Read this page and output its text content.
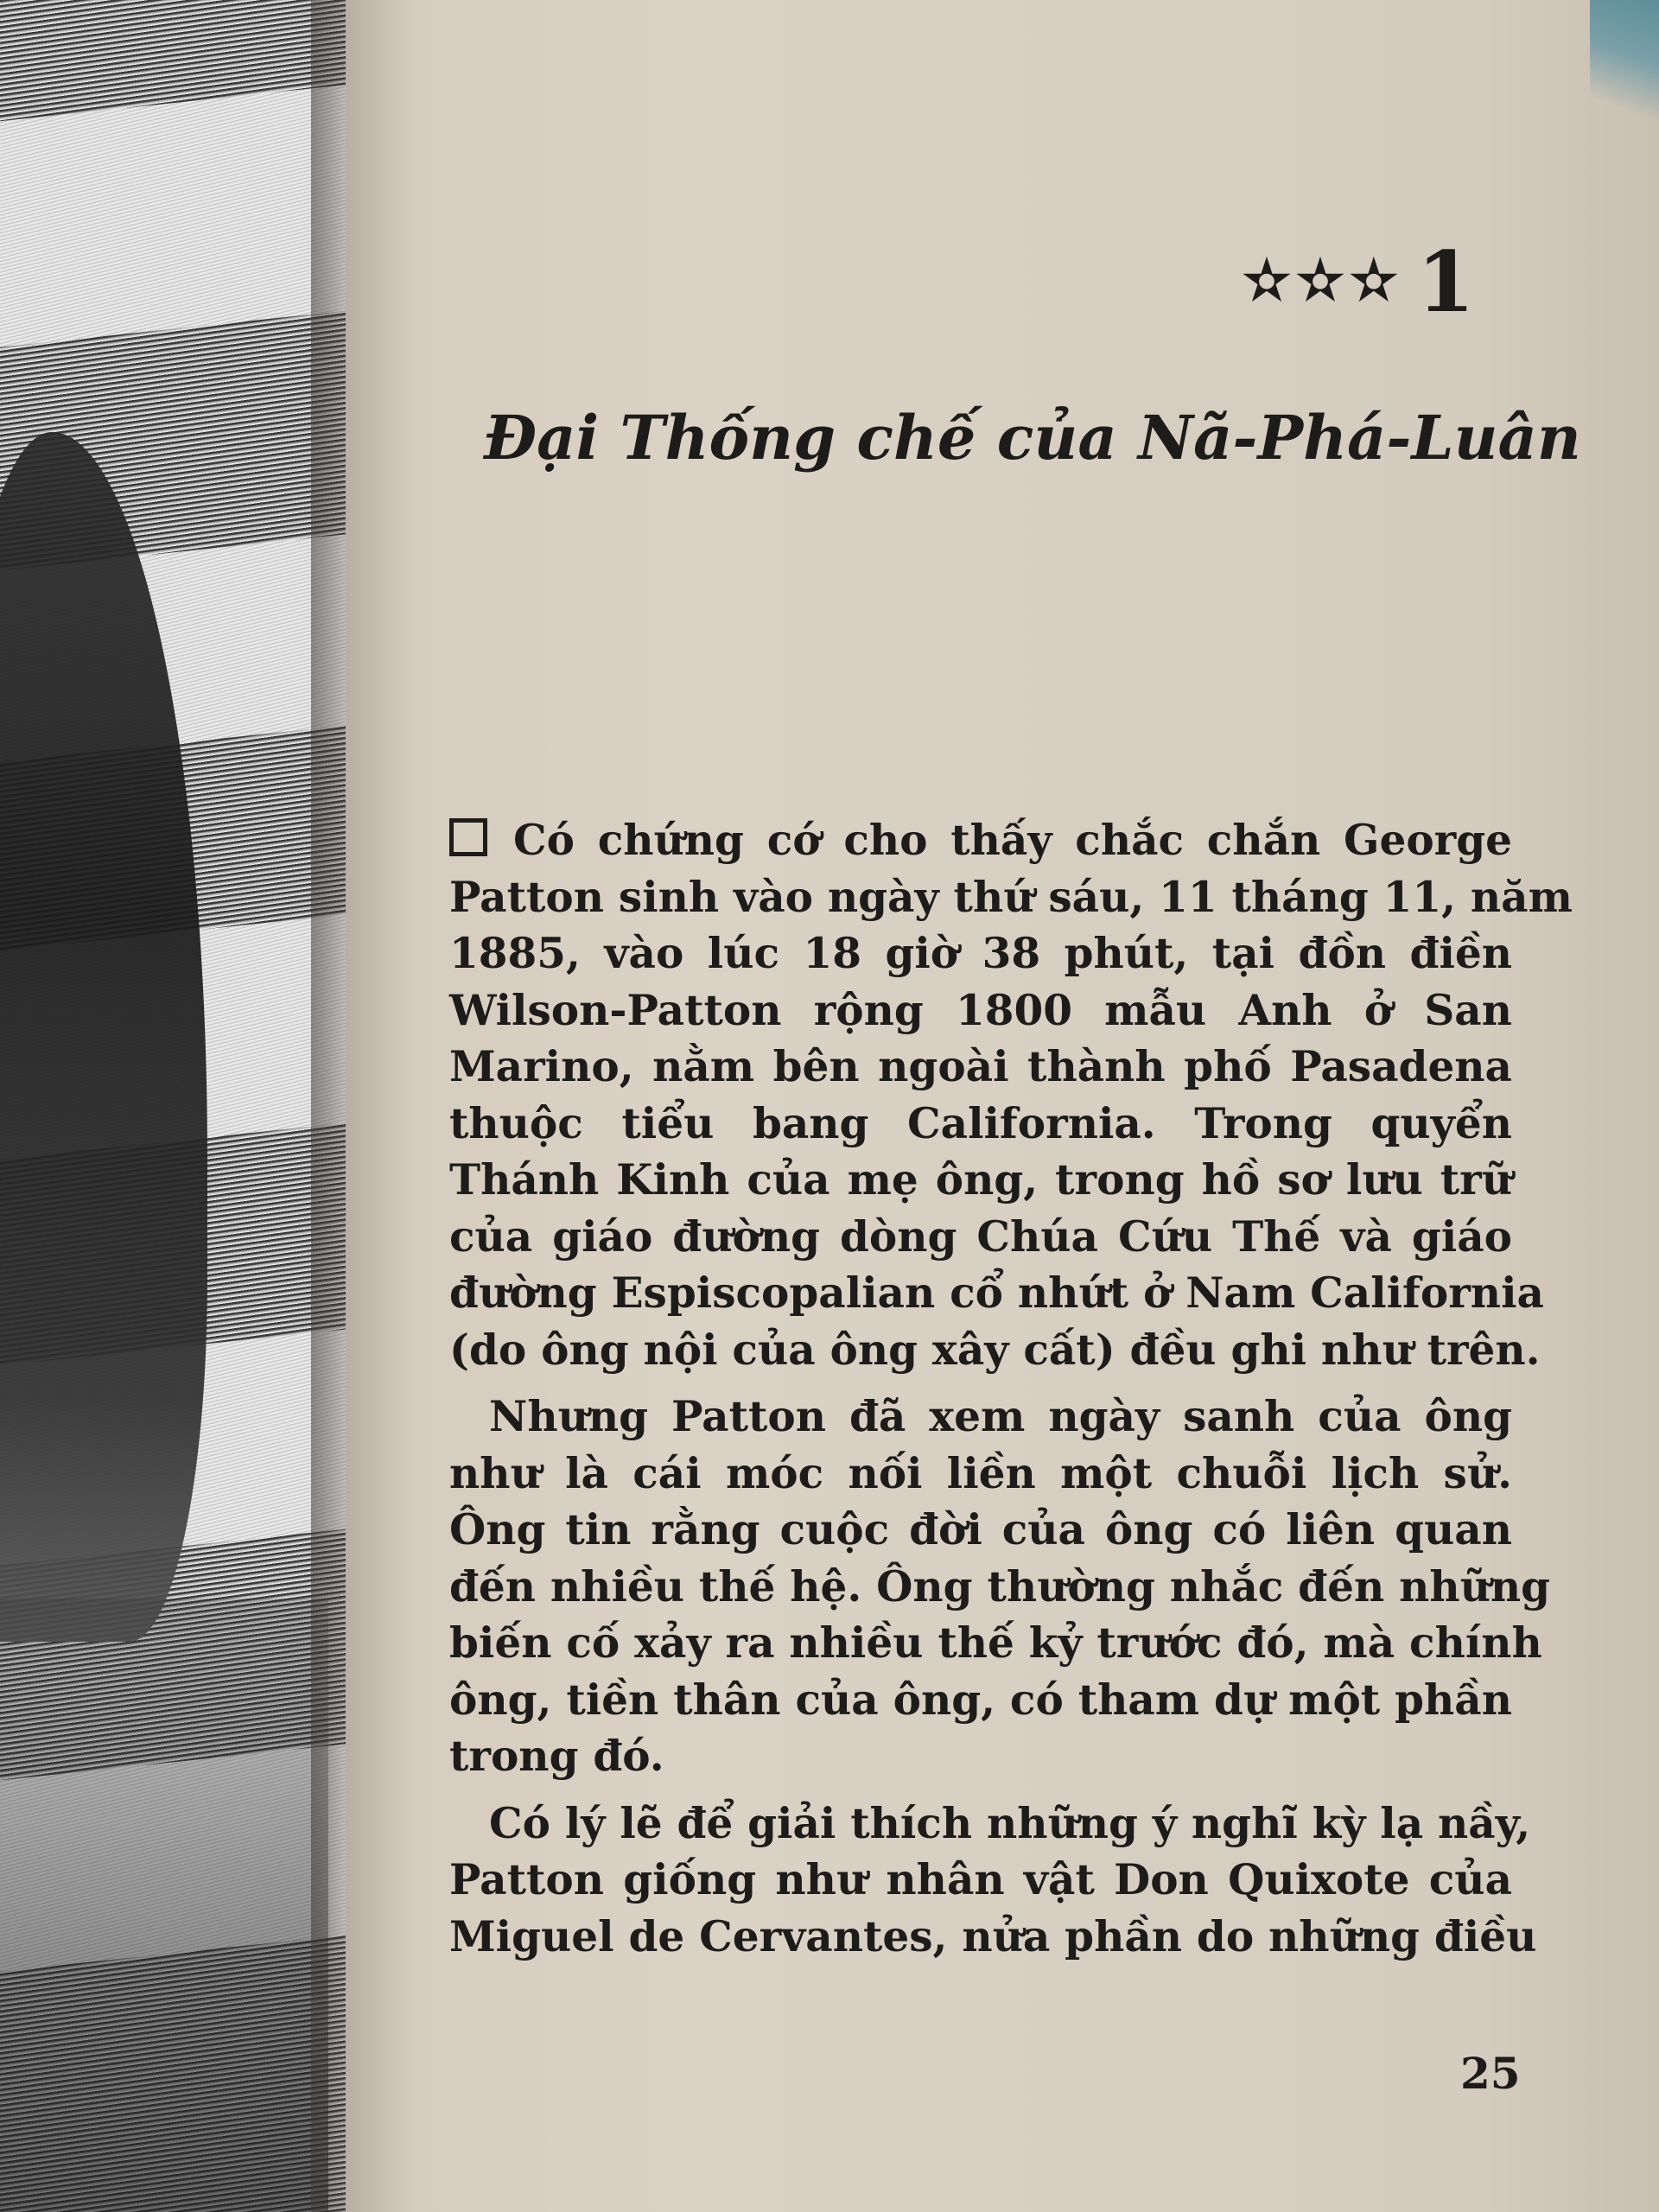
✫✫✫ 1
Đại Thống chế của Nã-Phá-Luân

Có chứng cớ cho thấy chắc chắn George
Patton sinh vào ngày thứ sáu, 11 tháng 11, năm
1885, vào lúc 18 giờ 38 phút, tại đồn điền
Wilson-Patton rộng 1800 mẫu Anh ở San
Marino, nằm bên ngoài thành phố Pasadena
thuộc tiểu bang California. Trong quyển
Thánh Kinh của mẹ ông, trong hồ sơ lưu trữ
của giáo đường dòng Chúa Cứu Thế và giáo
đường Espiscopalian cổ nhứt ở Nam California
(do ông nội của ông xây cất) đều ghi như trên.

Nhưng Patton đã xem ngày sanh của ông
như là cái móc nối liền một chuỗi lịch sử.
Ông tin rằng cuộc đời của ông có liên quan
đến nhiều thế hệ. Ông thường nhắc đến những
biến cố xảy ra nhiều thế kỷ trước đó, mà chính
ông, tiền thân của ông, có tham dự một phần
trong đó.

Có lý lẽ để giải thích những ý nghĩ kỳ lạ nầy,
Patton giống như nhân vật Don Quixote của
Miguel de Cervantes, nửa phần do những điều

25
